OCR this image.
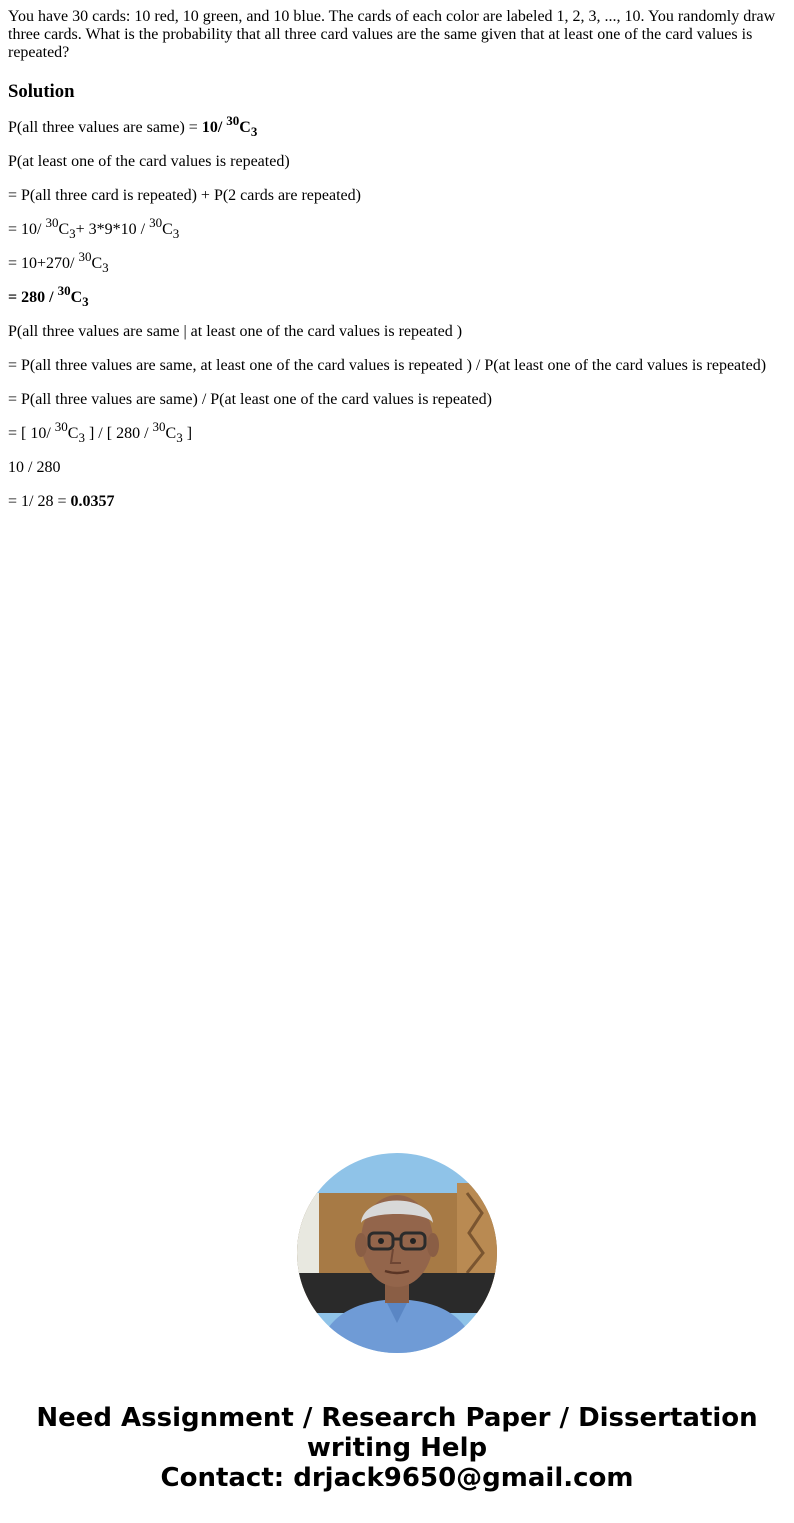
You have 30 cards: 10 red, 10 green, and 10 blue. The cards of each color are labeled 1, 2, 3, ..., 10. You randomly draw three cards. What is the probability that all three card values are the same given that at least one of the card values is repeated?

Solution

P(all three values are same) = 10/ $^{30}C_3$

P(at least one of the card values is repeated)

= P(all three card is repeated) + P(2 cards are repeated)

= 10/ $^{30}C_3+ 3*9*10 / ^{30}C_3$

= 10+270/ $^{30}C_3$

= $280 / ^{30}C_3$

P(all three values are same | at least one of the card values is repeated )

= P(all three values are same, at least one of the card values is repeated ) / P(at least one of the card values is repeated)

= P(all three values are same) / P(at least one of the card values is repeated)

= [ 10/ $^{30}C_3$ ] / [ $280 / ^{30}C_3$ ]

10 / 280

= 1/ 28 = 0.0357

Need Assignment / Research Paper / Dissertation
writing Help
Contact: drjack9650@gmail.com
